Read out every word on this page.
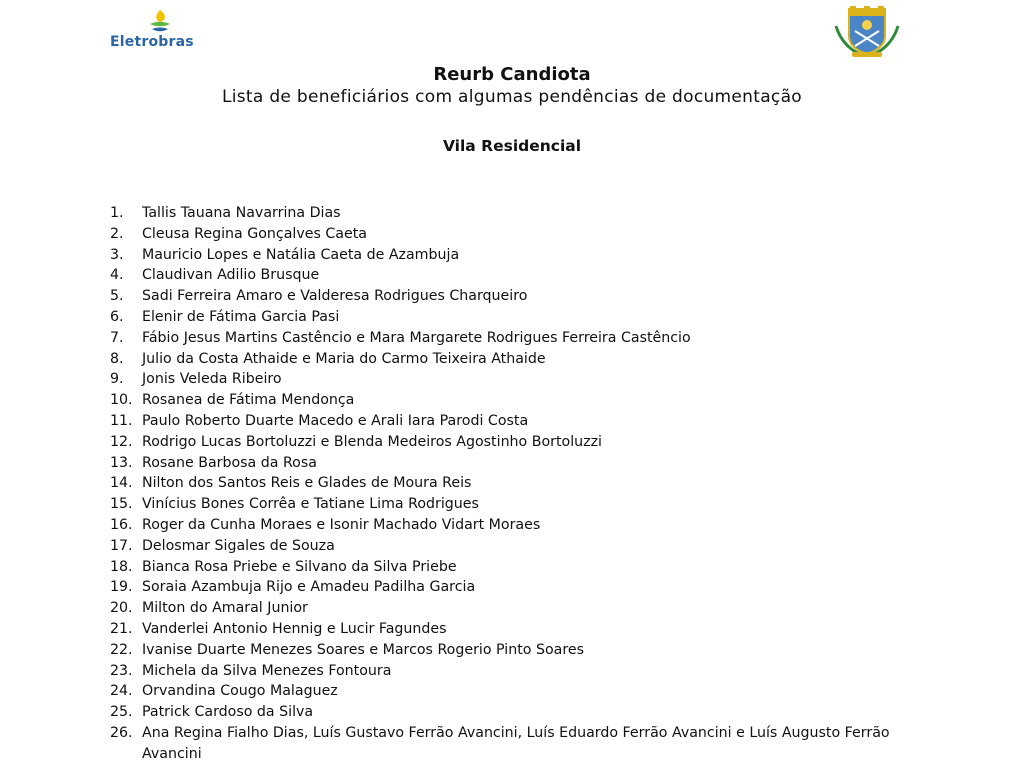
Eletrobras
Reurb Candiota
Lista de beneficiários com algumas pendências de documentação
Vila Residencial
1.	Tallis Tauana Navarrina Dias
2.	Cleusa Regina Gonçalves Caeta
3.	Mauricio Lopes e Natália Caeta de Azambuja
4.	Claudivan Adilio Brusque
5.	Sadi Ferreira Amaro e Valderesa Rodrigues Charqueiro
6.	Elenir de Fátima Garcia Pasi
7.	Fábio Jesus Martins Castêncio e Mara Margarete Rodrigues Ferreira Castêncio
8.	Julio da Costa Athaide e Maria do Carmo Teixeira Athaide
9.	Jonis Veleda Ribeiro
10. Rosanea de Fátima Mendonça
11. Paulo Roberto Duarte Macedo e Arali Iara Parodi Costa
12. Rodrigo Lucas Bortoluzzi e Blenda Medeiros Agostinho Bortoluzzi
13. Rosane Barbosa da Rosa
14. Nilton dos Santos Reis e Glades de Moura Reis
15. Vinícius Bones Corrêa e Tatiane Lima Rodrigues
16. Roger da Cunha Moraes e Isonir Machado Vidart Moraes
17. Delosmar Sigales de Souza
18. Bianca Rosa Priebe e Silvano da Silva Priebe
19. Soraia Azambuja Rijo e Amadeu Padilha Garcia
20. Milton do Amaral Junior
21. Vanderlei Antonio Hennig e Lucir Fagundes
22. Ivanise Duarte Menezes Soares e Marcos Rogerio Pinto Soares
23. Michela da Silva Menezes Fontoura
24. Orvandina Cougo Malaguez
25. Patrick Cardoso da Silva
26. Ana Regina Fialho Dias, Luís Gustavo Ferrão Avancini, Luís Eduardo Ferrão Avancini e Luís Augusto Ferrão Avancini
